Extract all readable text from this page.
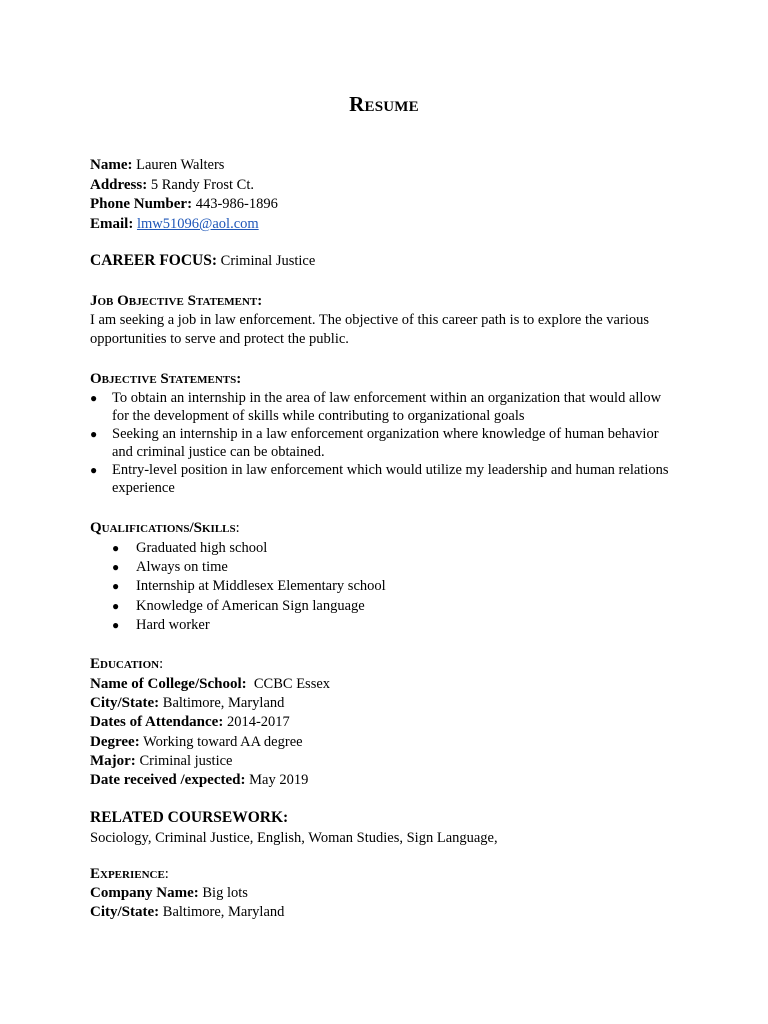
Resume
Name: Lauren Walters
Address: 5 Randy Frost Ct.
Phone Number: 443-986-1896
Email: lmw51096@aol.com
CAREER FOCUS: Criminal Justice
Job Objective Statement:
I am seeking a job in law enforcement. The objective of this career path is to explore the various opportunities to serve and protect the public.
Objective Statements:
● To obtain an internship in the area of law enforcement within an organization that would allow for the development of skills while contributing to organizational goals
● Seeking an internship in a law enforcement organization where knowledge of human behavior and criminal justice can be obtained.
● Entry-level position in law enforcement which would utilize my leadership and human relations experience
Qualifications/Skills:
● Graduated high school
● Always on time
● Internship at Middlesex Elementary school
● Knowledge of American Sign language
● Hard worker
Education:
Name of College/School: CCBC Essex
City/State: Baltimore, Maryland
Dates of Attendance: 2014-2017
Degree: Working toward AA degree
Major: Criminal justice
Date received /expected: May 2019
RELATED COURSEWORK:
Sociology, Criminal Justice, English, Woman Studies, Sign Language,
Experience:
Company Name: Big lots
City/State: Baltimore, Maryland
